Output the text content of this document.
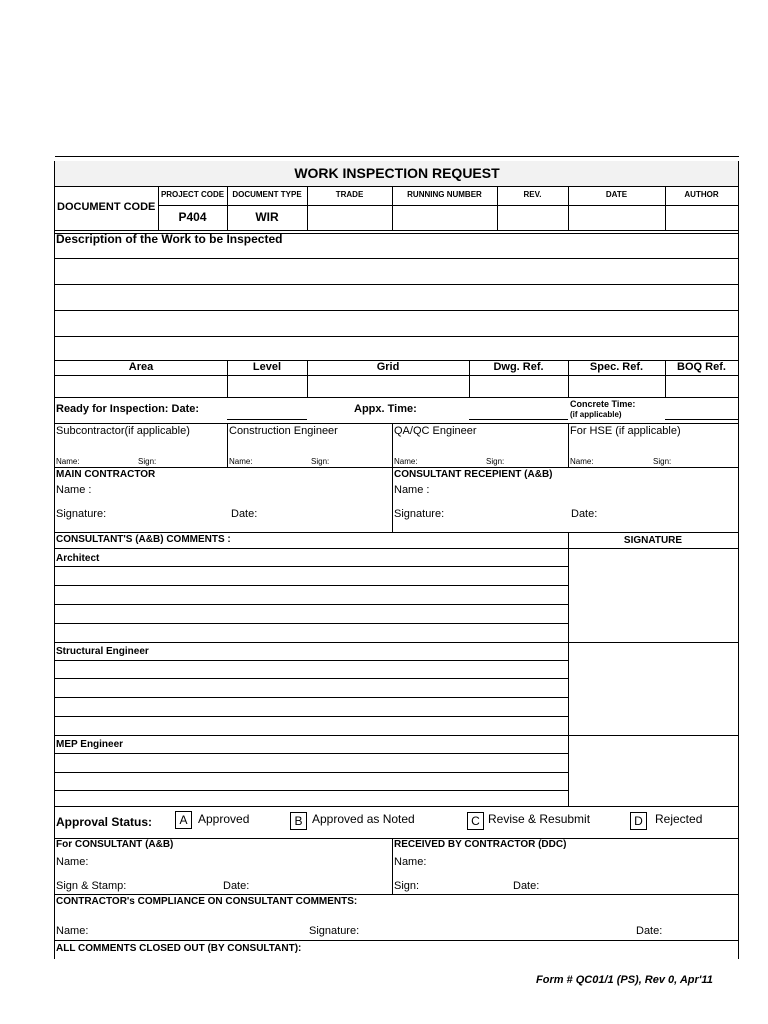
WORK INSPECTION REQUEST
DOCUMENT CODE
PROJECT CODE	DOCUMENT TYPE	TRADE	RUNNING NUMBER	REV.	DATE	AUTHOR
P404	WIR
Description of the Work to be Inspected
Area	Level	Grid	Dwg. Ref.	Spec. Ref.	BOQ Ref.
Ready for Inspection: Date:	Appx. Time:	Concrete Time:
(if applicable)
Subcontractor(if applicable)	Construction Engineer	QA/QC Engineer	For HSE (if applicable)
Name:	Sign:	Name:	Sign:	Name:	Sign:	Name:	Sign:
MAIN CONTRACTOR
Name :
Signature:	Date:
CONSULTANT RECEPIENT (A&B)
Name :
Signature:	Date:
CONSULTANT'S (A&B) COMMENTS :	SIGNATURE
Architect
Structural Engineer
MEP Engineer
Approval Status:	A Approved	B Approved as Noted	C Revise & Resubmit	D	Rejected
For CONSULTANT (A&B)
Name:
Sign & Stamp:	Date:
RECEIVED BY CONTRACTOR (DDC)
Name:
Sign:	Date:
CONTRACTOR's COMPLIANCE ON CONSULTANT COMMENTS:
Name:	Signature:	Date:
ALL COMMENTS CLOSED OUT (BY CONSULTANT):
Form # QC01/1 (PS), Rev 0, Apr'11
